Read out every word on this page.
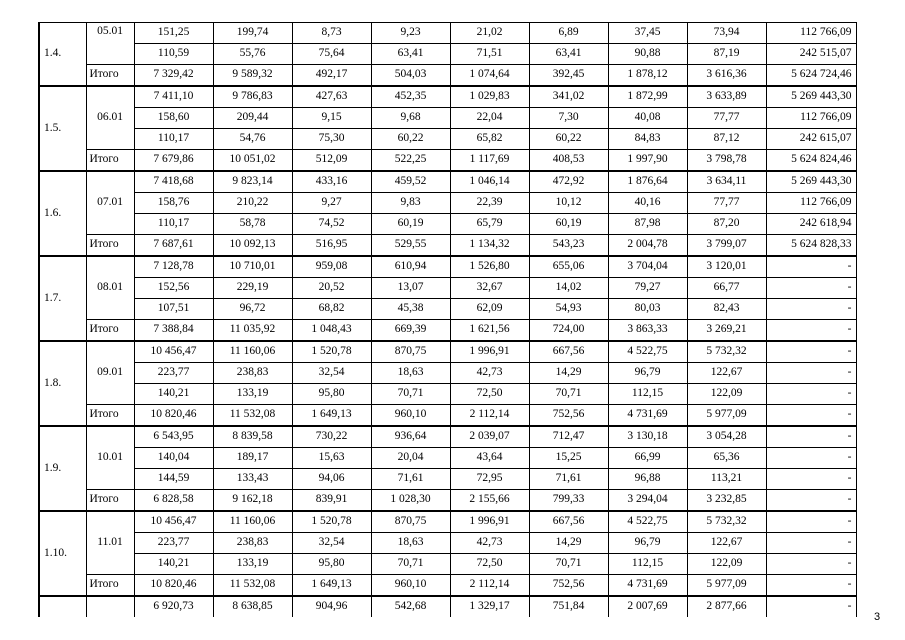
1.4.	05.01	151,25	199,74	8,73	9,23	21,02	6,89	37,45	73,94	112 766,09
		110,59	55,76	75,64	63,41	71,51	63,41	90,88	87,19	242 515,07
	Итого	7 329,42	9 589,32	492,17	504,03	1 074,64	392,45	1 878,12	3 616,36	5 624 724,46
1.5.	06.01	7 411,10	9 786,83	427,63	452,35	1 029,83	341,02	1 872,99	3 633,89	5 269 443,30
		158,60	209,44	9,15	9,68	22,04	7,30	40,08	77,77	112 766,09
		110,17	54,76	75,30	60,22	65,82	60,22	84,83	87,12	242 615,07
	Итого	7 679,86	10 051,02	512,09	522,25	1 117,69	408,53	1 997,90	3 798,78	5 624 824,46
1.6.	07.01	7 418,68	9 823,14	433,16	459,52	1 046,14	472,92	1 876,64	3 634,11	5 269 443,30
		158,76	210,22	9,27	9,83	22,39	10,12	40,16	77,77	112 766,09
		110,17	58,78	74,52	60,19	65,79	60,19	87,98	87,20	242 618,94
	Итого	7 687,61	10 092,13	516,95	529,55	1 134,32	543,23	2 004,78	3 799,07	5 624 828,33
1.7.	08.01	7 128,78	10 710,01	959,08	610,94	1 526,80	655,06	3 704,04	3 120,01	-
		152,56	229,19	20,52	13,07	32,67	14,02	79,27	66,77	-
		107,51	96,72	68,82	45,38	62,09	54,93	80,03	82,43	-
	Итого	7 388,84	11 035,92	1 048,43	669,39	1 621,56	724,00	3 863,33	3 269,21	-
1.8.	09.01	10 456,47	11 160,06	1 520,78	870,75	1 996,91	667,56	4 522,75	5 732,32	-
		223,77	238,83	32,54	18,63	42,73	14,29	96,79	122,67	-
		140,21	133,19	95,80	70,71	72,50	70,71	112,15	122,09	-
	Итого	10 820,46	11 532,08	1 649,13	960,10	2 112,14	752,56	4 731,69	5 977,09	-
1.9.	10.01	6 543,95	8 839,58	730,22	936,64	2 039,07	712,47	3 130,18	3 054,28	-
		140,04	189,17	15,63	20,04	43,64	15,25	66,99	65,36	-
		144,59	133,43	94,06	71,61	72,95	71,61	96,88	113,21	-
	Итого	6 828,58	9 162,18	839,91	1 028,30	2 155,66	799,33	3 294,04	3 232,85	-
1.10.	11.01	10 456,47	11 160,06	1 520,78	870,75	1 996,91	667,56	4 522,75	5 732,32	-
		223,77	238,83	32,54	18,63	42,73	14,29	96,79	122,67	-
		140,21	133,19	95,80	70,71	72,50	70,71	112,15	122,09	-
	Итого	10 820,46	11 532,08	1 649,13	960,10	2 112,14	752,56	4 731,69	5 977,09	-
		6 920,73	8 638,85	904,96	542,68	1 329,17	751,84	2 007,69	2 877,66	-
3
